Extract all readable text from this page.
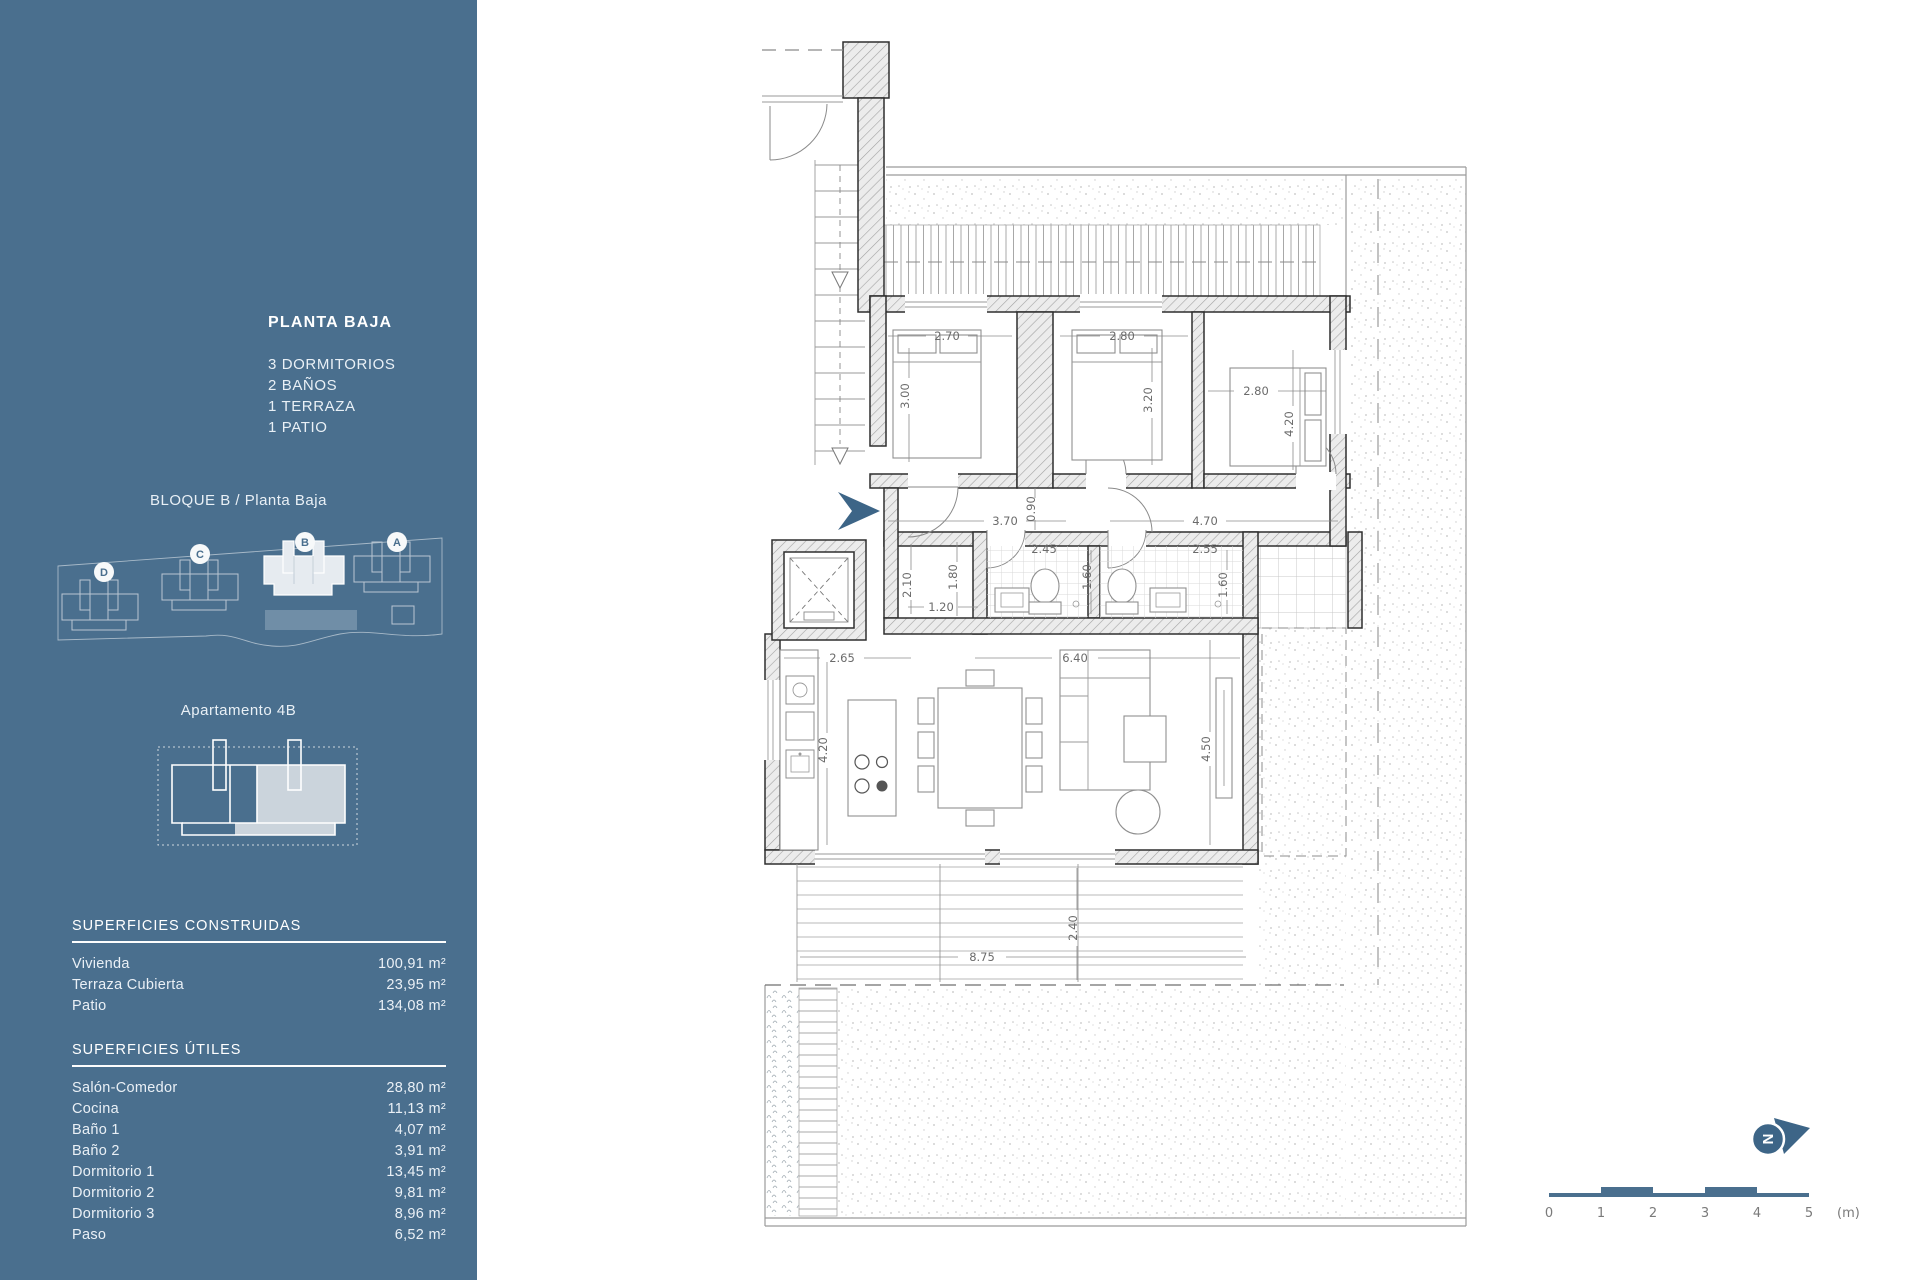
PLANTA BAJA
3 DORMITORIOS
2 BAÑOS
1 TERRAZA
1 PATIO
BLOQUE B / Planta Baja
D
C
B	A
Apartamento 4B
SUPERFICIES CONSTRUIDAS
Vivienda	100,91 m²
Terraza Cubierta	23,95 m²
Patio	134,08 m²
SUPERFICIES ÚTILES
Salón-Comedor	28,80 m²
Cocina	11,13 m²
Baño 1	4,07 m²
Baño 2	3,91 m²
Dormitorio 1	13,45 m²
Dormitorio 2	9,81 m²
Dormitorio 3	8,96 m²
Paso	6,52 m²
2.70	2.80
2.80
3.00	3.20
4.20
3.70	4.70
0.90
2.10
1.20
2.45
1.60
2.55
1.60
1.80
2.65
4.20
6.40
4.50
8.75
2.40
N
0	1	2	3	4	5 (m)
